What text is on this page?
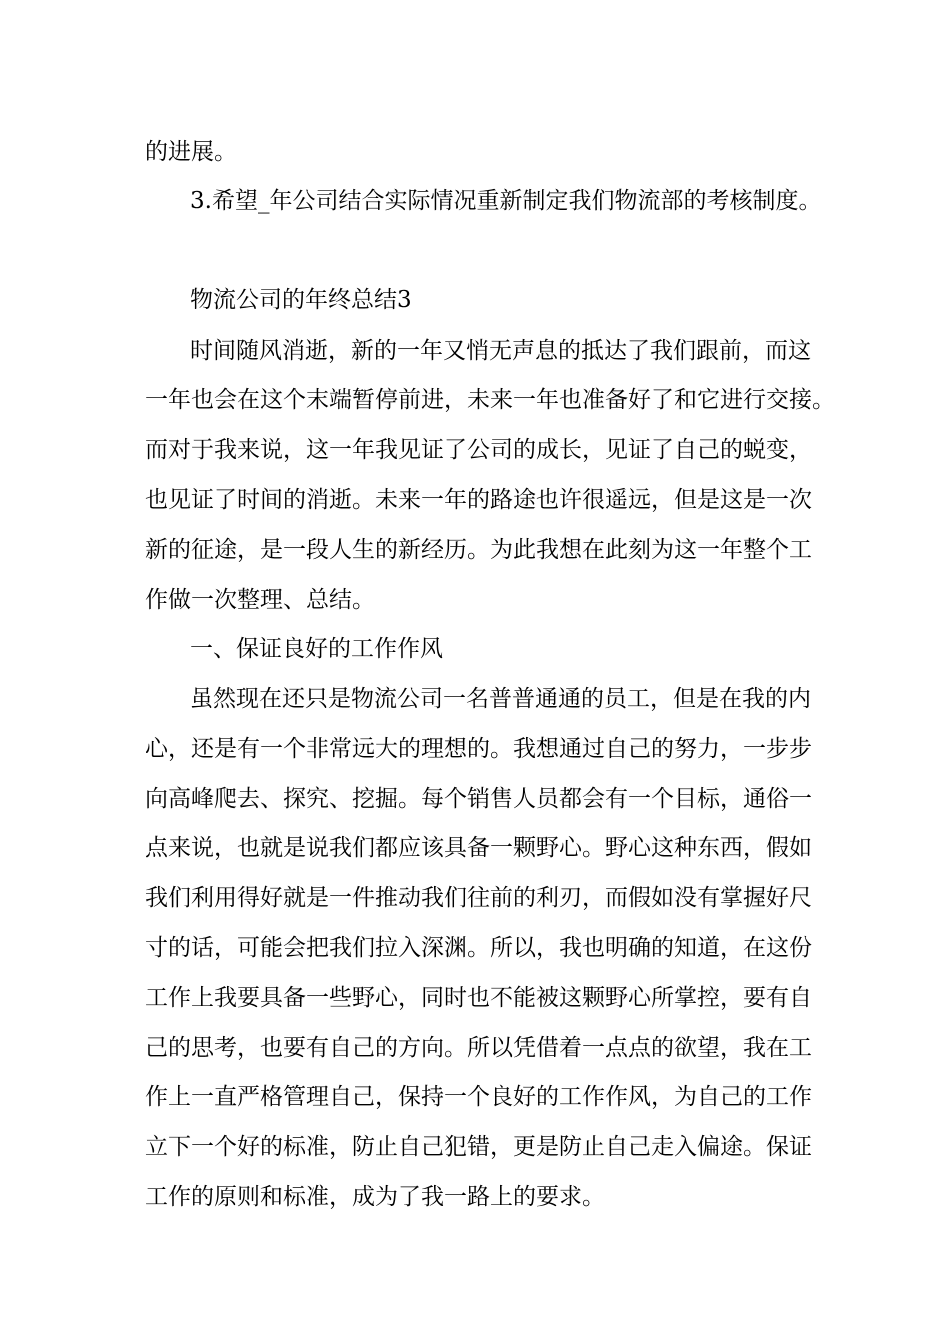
的进展。
3.希望_年公司结合实际情况重新制定我们物流部的考核制度。
物流公司的年终总结3
时间随风消逝，新的一年又悄无声息的抵达了我们跟前，而这
一年也会在这个末端暂停前进，未来一年也准备好了和它进行交接。
而对于我来说，这一年我见证了公司的成长，见证了自己的蜕变，
也见证了时间的消逝。未来一年的路途也许很遥远，但是这是一次
新的征途，是一段人生的新经历。为此我想在此刻为这一年整个工
作做一次整理、总结。
一、保证良好的工作作风
虽然现在还只是物流公司一名普普通通的员工，但是在我的内
心，还是有一个非常远大的理想的。我想通过自己的努力，一步步
向高峰爬去、探究、挖掘。每个销售人员都会有一个目标，通俗一
点来说，也就是说我们都应该具备一颗野心。野心这种东西，假如
我们利用得好就是一件推动我们往前的利刃，而假如没有掌握好尺
寸的话，可能会把我们拉入深渊。所以，我也明确的知道，在这份
工作上我要具备一些野心，同时也不能被这颗野心所掌控，要有自
己的思考，也要有自己的方向。所以凭借着一点点的欲望，我在工
作上一直严格管理自己，保持一个良好的工作作风，为自己的工作
立下一个好的标准，防止自己犯错，更是防止自己走入偏途。保证
工作的原则和标准，成为了我一路上的要求。
